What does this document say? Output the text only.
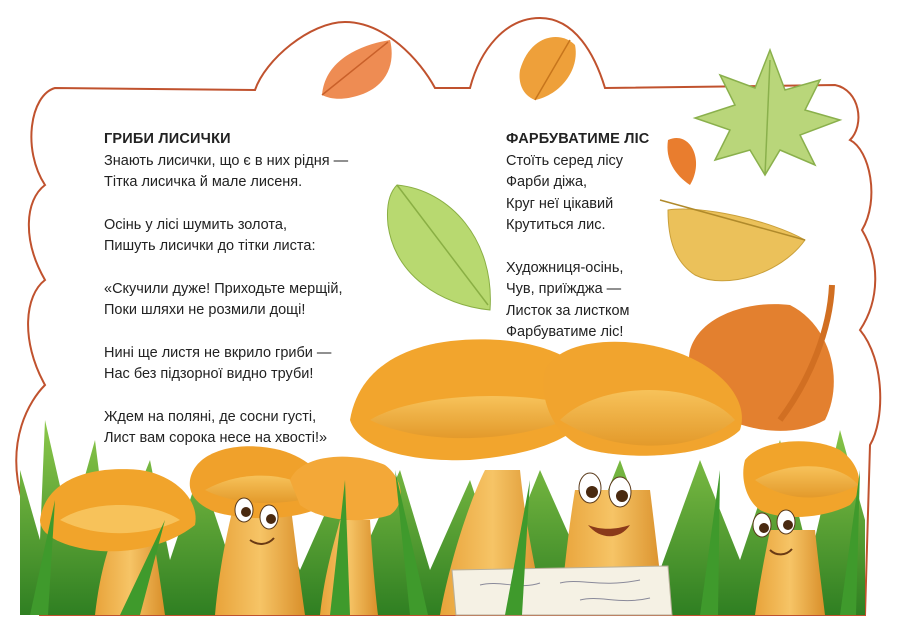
ГРИБИ ЛИСИЧКИ
Знають лисички, що є в них рідня —
Тітка лисичка й мале лисеня.
Осінь у лісі шумить золота,
Пишуть лисички до тітки листа:
«Скучили дуже! Приходьте мерщій,
Поки шляхи не розмили дощі!
Нині ще листя не вкрило гриби —
Нас без підзорної видно труби!
Ждем на поляні, де сосни густі,
Лист вам сорока несе на хвості!»
ФАРБУВАТИМЕ ЛІС
Стоїть серед лісу
Фарби діжа,
Круг неї цікавий
Крутиться лис.
Художниця-осінь,
Чув, приїжджа —
Листок за листком
Фарбуватиме ліс!
